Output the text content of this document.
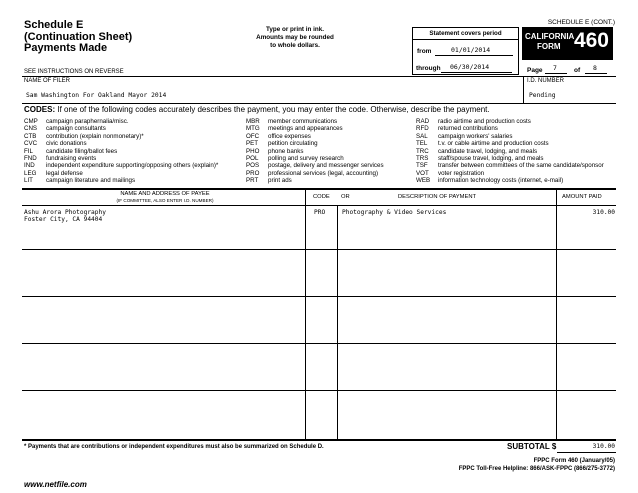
Schedule E
(Continuation Sheet)
Payments Made
Type or print in ink.
Amounts may be rounded
to whole dollars.
SCHEDULE E (CONT.)
Statement covers period
from	01/01/2014
through 06/30/2014
CALIFORNIA
FORM 460
Page 7	of 8
SEE INSTRUCTIONS ON REVERSE
NAME OF FILER
Sam Washington For Oakland Mayor 2014
I.D. NUMBER
Pending
CODES: If one of the following codes accurately describes the payment, you may enter the code. Otherwise, describe the payment.
CMP campaign paraphernalia/misc.
CNS campaign consultants
CTB contribution (explain nonmonetary)*
CVC civic donations
FIL candidate filing/ballot fees
FND fundraising events
IND independent expenditure supporting/opposing others (explain)*
LEG legal defense
LIT campaign literature and mailings
MBR member communications
MTG meetings and appearances
OFC office expenses
PET petition circulating
PHO phone banks
POL polling and survey research
POS postage, delivery and messenger services
PRO professional services (legal, accounting)
PRT print ads
RAD radio airtime and production costs
RFD returned contributions
SAL campaign workers' salaries
TEL t.v. or cable airtime and production costs
TRC candidate travel, lodging, and meals
TRS staff/spouse travel, lodging, and meals
TSF transfer between committees of the same candidate/sponsor
VOT voter registration
WEB information technology costs (internet, e-mail)
NAME AND ADDRESS OF PAYEE
(IF COMMITTEE, ALSO ENTER I.D. NUMBER)	CODE OR	DESCRIPTION OF PAYMENT	AMOUNT PAID
Ashu Arora Photography
Foster City, CA 94404
PRO	Photography & Video Services	310.00
* Payments that are contributions or independent expenditures must also be summarized on Schedule D.	SUBTOTAL $	310.00
FPPC Form 460 (January/05)
FPPC Toll-Free Helpline: 866/ASK-FPPC (866/275-3772)
www.netfile.com
